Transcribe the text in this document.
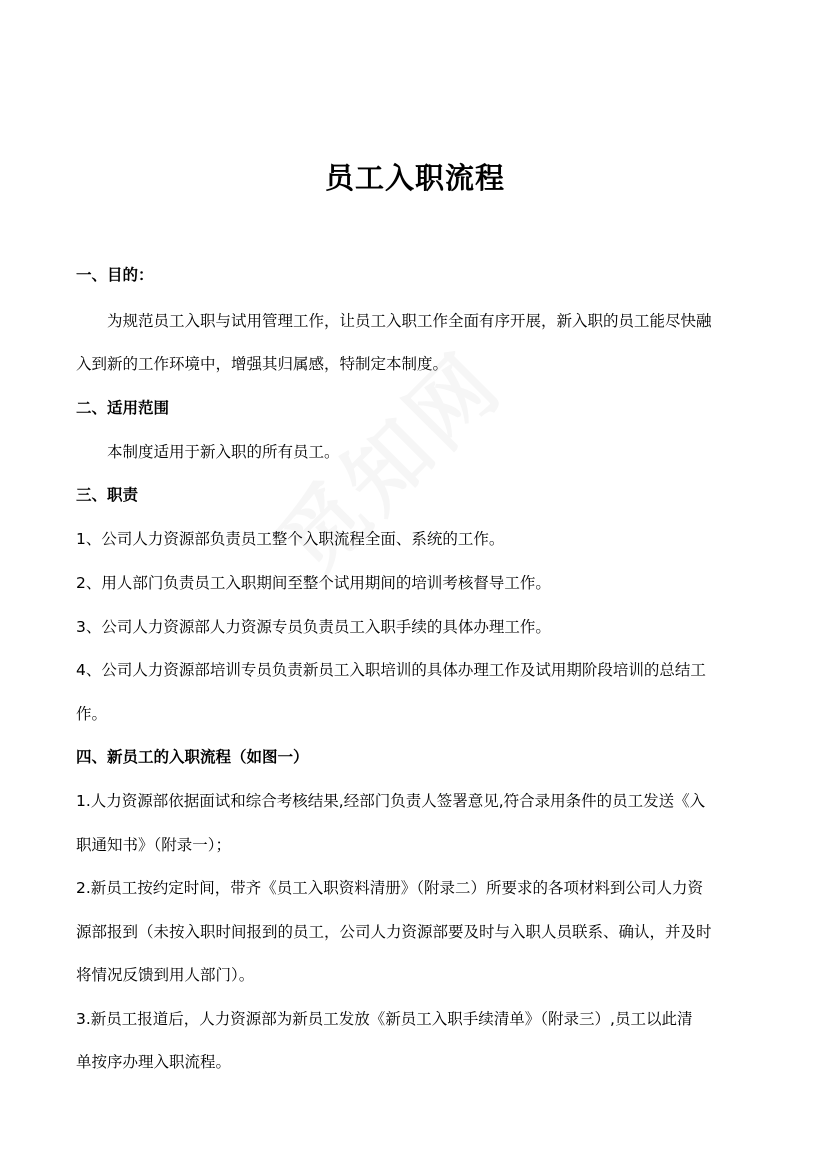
员工入职流程
一、目的：
为规范员工入职与试用管理工作，让员工入职工作全面有序开展，新入职的员工能尽快融
入到新的工作环境中，增强其归属感，特制定本制度。
二、适用范围
本制度适用于新入职的所有员工。
三、职责
1、公司人力资源部负责员工整个入职流程全面、系统的工作。
2、用人部门负责员工入职期间至整个试用期间的培训考核督导工作。
3、公司人力资源部人力资源专员负责员工入职手续的具体办理工作。
4、公司人力资源部培训专员负责新员工入职培训的具体办理工作及试用期阶段培训的总结工
作。
四、新员工的入职流程（如图一）
1.人力资源部依据面试和综合考核结果,经部门负责人签署意见,符合录用条件的员工发送《入
职通知书》（附录一）；
2.新员工按约定时间，带齐《员工入职资料清册》（附录二）所要求的各项材料到公司人力资
源部报到（未按入职时间报到的员工，公司人力资源部要及时与入职人员联系、确认，并及时
将情况反馈到用人部门）。
3.新员工报道后，人力资源部为新员工发放《新员工入职手续清单》（附录三）,员工以此清
单按序办理入职流程。
